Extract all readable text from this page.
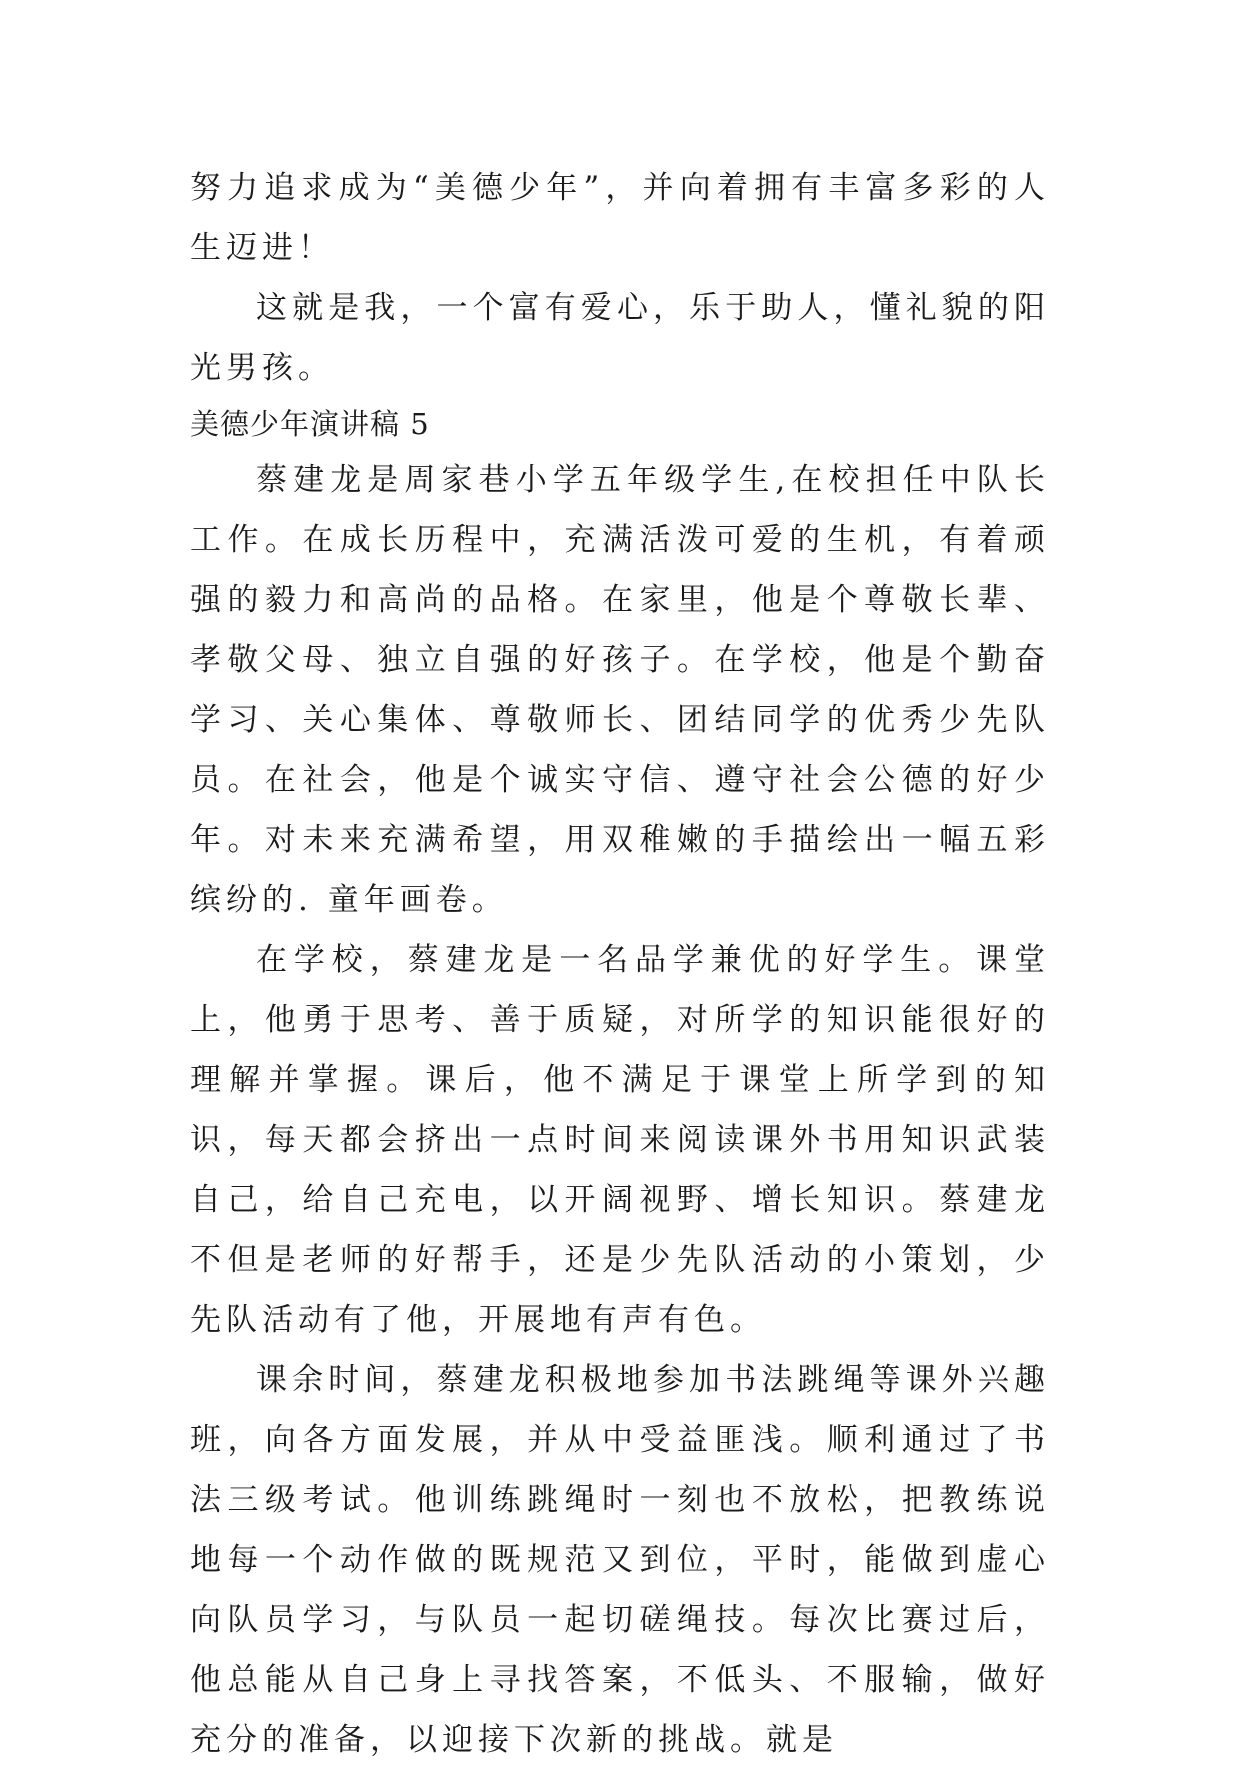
努力追求成为“美德少年”，并向着拥有丰富多彩的人生迈进！

这就是我，一个富有爱心，乐于助人，懂礼貌的阳光男孩。

美德少年演讲稿 5

蔡建龙是周家巷小学五年级学生,在校担任中队长工作。在成长历程中，充满活泼可爱的生机，有着顽强的毅力和高尚的品格。在家里，他是个尊敬长辈、孝敬父母、独立自强的好孩子。在学校，他是个勤奋学习、关心集体、尊敬师长、团结同学的优秀少先队员。在社会，他是个诚实守信、遵守社会公德的好少年。对未来充满希望，用双稚嫩的手描绘出一幅五彩缤纷的. 童年画卷。

在学校，蔡建龙是一名品学兼优的好学生。课堂上，他勇于思考、善于质疑，对所学的知识能很好的理解并掌握。课后，他不满足于课堂上所学到的知识，每天都会挤出一点时间来阅读课外书用知识武装自己，给自己充电，以开阔视野、增长知识。蔡建龙不但是老师的好帮手，还是少先队活动的小策划，少先队活动有了他，开展地有声有色。

课余时间，蔡建龙积极地参加书法跳绳等课外兴趣班，向各方面发展，并从中受益匪浅。顺利通过了书法三级考试。他训练跳绳时一刻也不放松，把教练说地每一个动作做的既规范又到位，平时，能做到虚心向队员学习，与队员一起切磋绳技。每次比赛过后，他总能从自己身上寻找答案，不低头、不服输，做好充分的准备，以迎接下次新的挑战。就是
